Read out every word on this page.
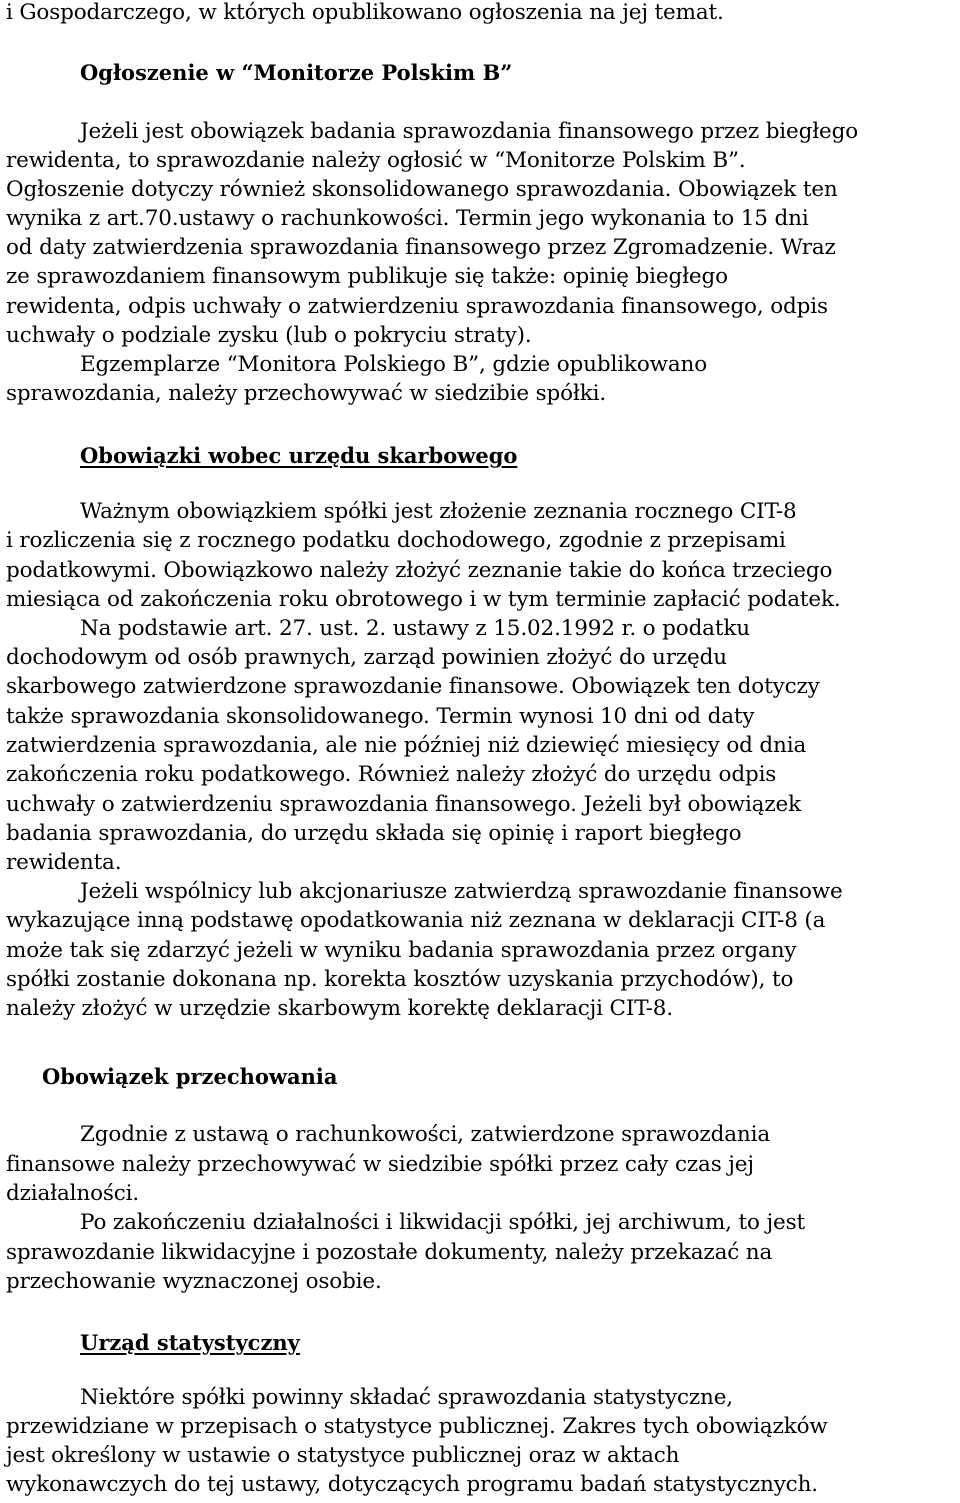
i Gospodarczego, w których opublikowano ogłoszenia na jej temat.
Ogłoszenie w “Monitorze Polskim B”
Jeżeli jest obowiązek badania sprawozdania finansowego przez biegłego
rewidenta, to sprawozdanie należy ogłosić w “Monitorze Polskim B”.
Ogłoszenie dotyczy również skonsolidowanego sprawozdania. Obowiązek ten
wynika z art.70.ustawy o rachunkowości. Termin jego wykonania to 15 dni
od daty zatwierdzenia sprawozdania finansowego przez Zgromadzenie. Wraz
ze sprawozdaniem finansowym publikuje się także: opinię biegłego
rewidenta, odpis uchwały o zatwierdzeniu sprawozdania finansowego, odpis
uchwały o podziale zysku (lub o pokryciu straty).
Egzemplarze “Monitora Polskiego B”, gdzie opublikowano
sprawozdania, należy przechowywać w siedzibie spółki.
Obowiązki wobec urzędu skarbowego
Ważnym obowiązkiem spółki jest złożenie zeznania rocznego CIT-8
i rozliczenia się z rocznego podatku dochodowego, zgodnie z przepisami
podatkowymi. Obowiązkowo należy złożyć zeznanie takie do końca trzeciego
miesiąca od zakończenia roku obrotowego i w tym terminie zapłacić podatek.
Na podstawie art. 27. ust. 2. ustawy z 15.02.1992 r. o podatku
dochodowym od osób prawnych, zarząd powinien złożyć do urzędu
skarbowego zatwierdzone sprawozdanie finansowe. Obowiązek ten dotyczy
także sprawozdania skonsolidowanego. Termin wynosi 10 dni od daty
zatwierdzenia sprawozdania, ale nie później niż dziewięć miesięcy od dnia
zakończenia roku podatkowego. Również należy złożyć do urzędu odpis
uchwały o zatwierdzeniu sprawozdania finansowego. Jeżeli był obowiązek
badania sprawozdania, do urzędu składa się opinię i raport biegłego
rewidenta.
Jeżeli wspólnicy lub akcjonariusze zatwierdzą sprawozdanie finansowe
wykazujące inną podstawę opodatkowania niż zeznana w deklaracji CIT-8 (a
może tak się zdarzyć jeżeli w wyniku badania sprawozdania przez organy
spółki zostanie dokonana np. korekta kosztów uzyskania przychodów), to
należy złożyć w urzędzie skarbowym korektę deklaracji CIT-8.
Obowiązek przechowania
Zgodnie z ustawą o rachunkowości, zatwierdzone sprawozdania
finansowe należy przechowywać w siedzibie spółki przez cały czas jej
działalności.
Po zakończeniu działalności i likwidacji spółki, jej archiwum, to jest
sprawozdanie likwidacyjne i pozostałe dokumenty, należy przekazać na
przechowanie wyznaczonej osobie.
Urząd statystyczny
Niektóre spółki powinny składać sprawozdania statystyczne,
przewidziane w przepisach o statystyce publicznej. Zakres tych obowiązków
jest określony w ustawie o statystyce publicznej oraz w aktach
wykonawczych do tej ustawy, dotyczących programu badań statystycznych.
